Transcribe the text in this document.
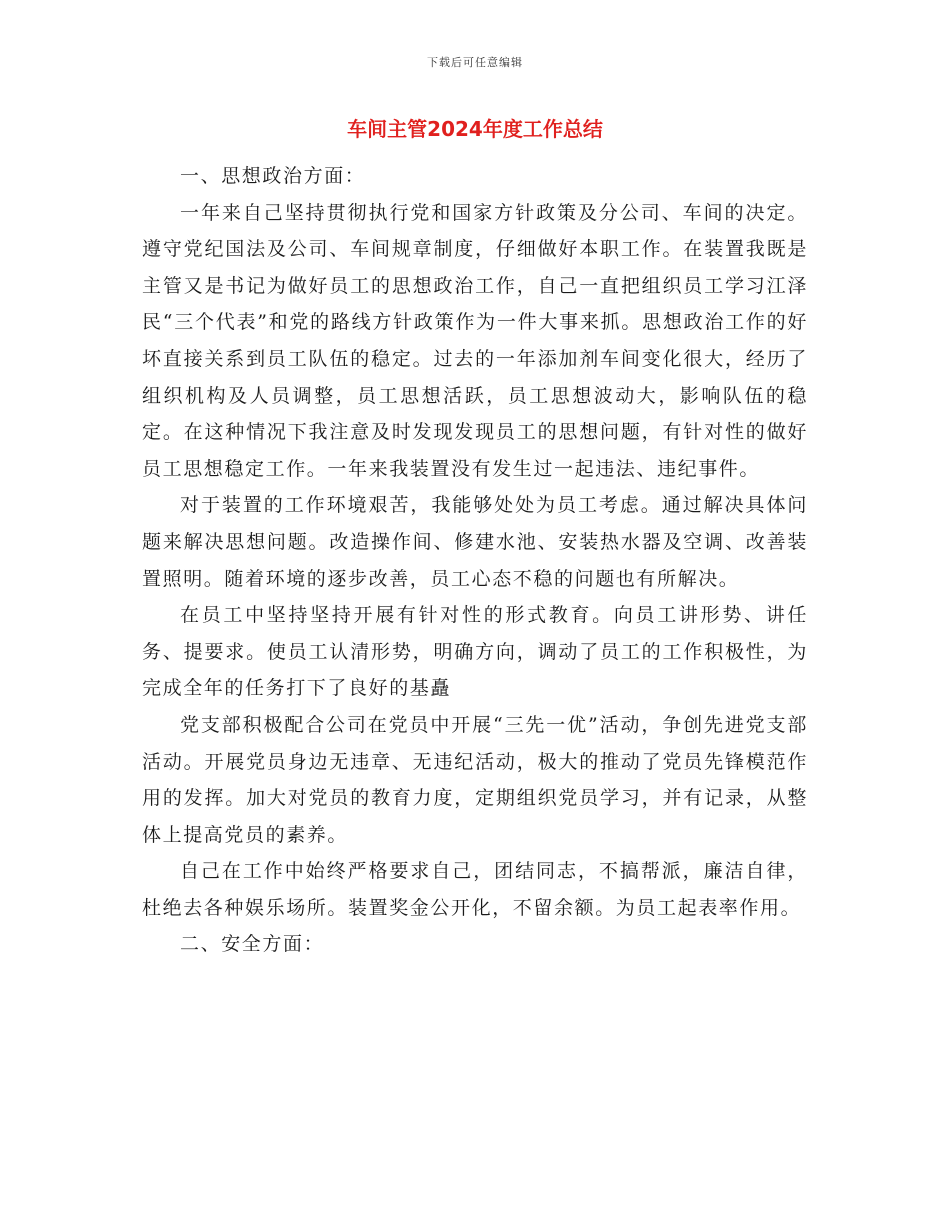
下载后可任意编辑
车间主管2024年度工作总结

一、思想政治方面：

一年来自己坚持贯彻执行党和国家方针政策及分公司、车间的决定。遵守党纪国法及公司、车间规章制度，仔细做好本职工作。在装置我既是主管又是书记为做好员工的思想政治工作，自己一直把组织员工学习江泽民“三个代表”和党的路线方针政策作为一件大事来抓。思想政治工作的好坏直接关系到员工队伍的稳定。过去的一年添加剂车间变化很大，经历了组织机构及人员调整，员工思想活跃，员工思想波动大，影响队伍的稳定。在这种情况下我注意及时发现发现员工的思想问题，有针对性的做好员工思想稳定工作。一年来我装置没有发生过一起违法、违纪事件。

对于装置的工作环境艰苦，我能够处处为员工考虑。通过解决具体问题来解决思想问题。改造操作间、修建水池、安装热水器及空调、改善装置照明。随着环境的逐步改善，员工心态不稳的问题也有所解决。

在员工中坚持坚持开展有针对性的形式教育。向员工讲形势、讲任务、提要求。使员工认清形势，明确方向，调动了员工的工作积极性，为完成全年的任务打下了良好的基矗

党支部积极配合公司在党员中开展“三先一优”活动，争创先进党支部活动。开展党员身边无违章、无违纪活动，极大的推动了党员先锋模范作用的发挥。加大对党员的教育力度，定期组织党员学习，并有记录，从整体上提高党员的素养。

自己在工作中始终严格要求自己，团结同志，不搞帮派，廉洁自律，杜绝去各种娱乐场所。装置奖金公开化，不留余额。为员工起表率作用。

二、安全方面：
